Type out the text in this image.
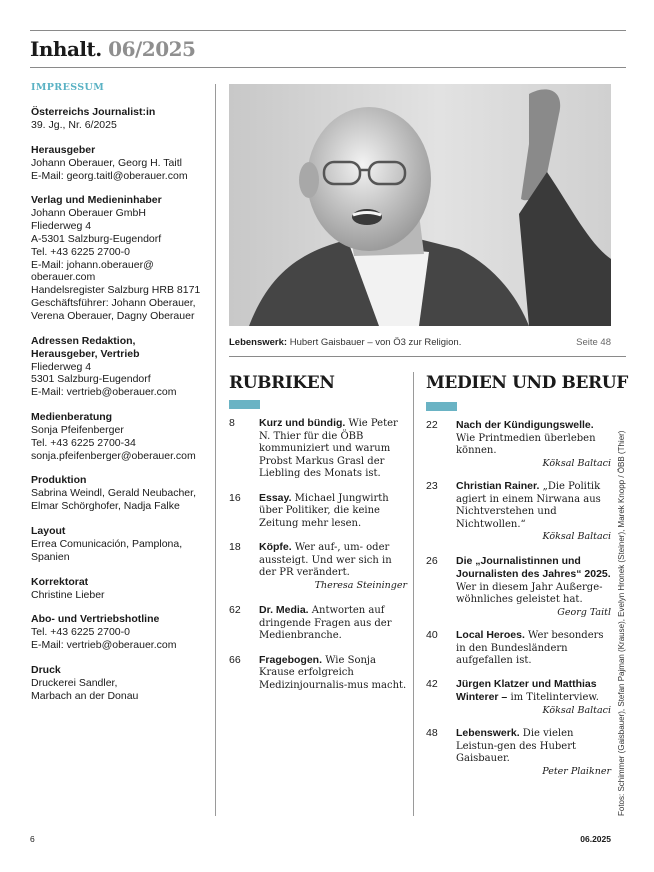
Inhalt. 06/2025
IMPRESSUM
Österreichs Journalist:in
39. Jg., Nr. 6/2025
Herausgeber
Johann Oberauer, Georg H. Taitl
E-Mail: georg.taitl@oberauer.com
Verlag und Medieninhaber
Johann Oberauer GmbH
Fliederweg 4
A-5301 Salzburg-Eugendorf
Tel. +43 6225 2700-0
E-Mail: johann.oberauer@
oberauer.com
Handelsregister Salzburg HRB 8171
Geschäftsführer: Johann Oberauer,
Verena Oberauer, Dagny Oberauer
Adressen Redaktion,
Herausgeber, Vertrieb
Fliederweg 4
5301 Salzburg-Eugendorf
E-Mail: vertrieb@oberauer.com
Medienberatung
Sonja Pfeifenberger
Tel. +43 6225 2700-34
sonja.pfeifenberger@oberauer.com
Produktion
Sabrina Weindl, Gerald Neubacher,
Elmar Schörghofer, Nadja Falke
Layout
Errea Comunicación, Pamplona,
Spanien
Korrektorat
Christine Lieber
Abo- und Vertriebshotline
Tel. +43 6225 2700-0
E-Mail: vertrieb@oberauer.com
Druck
Druckerei Sandler,
Marbach an der Donau
Lebenswerk: Hubert Gaisbauer – von Ö3 zur Religion.	Seite 48
RUBRIKEN
8 Kurz und bündig. Wie Peter N. Thier für die ÖBB kommuniziert und warum Probst Markus Grasl der Liebling des Monats ist.
16 Essay. Michael Jungwirth über Politiker, die keine Zeitung mehr lesen.
18 Köpfe. Wer auf-, um- oder aussteigt. Und wer sich in der PR verändert.
Theresa Steininger
62 Dr. Media. Antworten auf dringende Fragen aus der Medienbranche.
66 Fragebogen. Wie Sonja Krause erfolgreich Medizinjournalis-mus macht.
MEDIEN UND BERUF
22 Nach der Kündigungswelle. Wie Printmedien überleben können.
Köksal Baltaci
23 Christian Rainer. „Die Politik agiert in einem Nirwana aus Nichtverstehen und Nichtwollen.“
Köksal Baltaci
26 Die „Journalistinnen und Journalisten des Jahres“ 2025. Wer in diesem Jahr Außerge-wöhnliches geleistet hat.
Georg Taitl
40 Local Heroes. Wer besonders in den Bundesländern aufgefallen ist.
42 Jürgen Klatzer und Matthias Winterer – im Titelinterview.
Köksal Baltaci
48 Lebenswerk. Die vielen Leistun-gen des Hubert Gaisbauer.
Peter Plaikner Fotos: Schimmer (Gaisbauer), Stefan Pajman (Krause), Evelyn Hronek (Steiner), Marek Knopp / ÖBB (Thier)
6	06.2025
